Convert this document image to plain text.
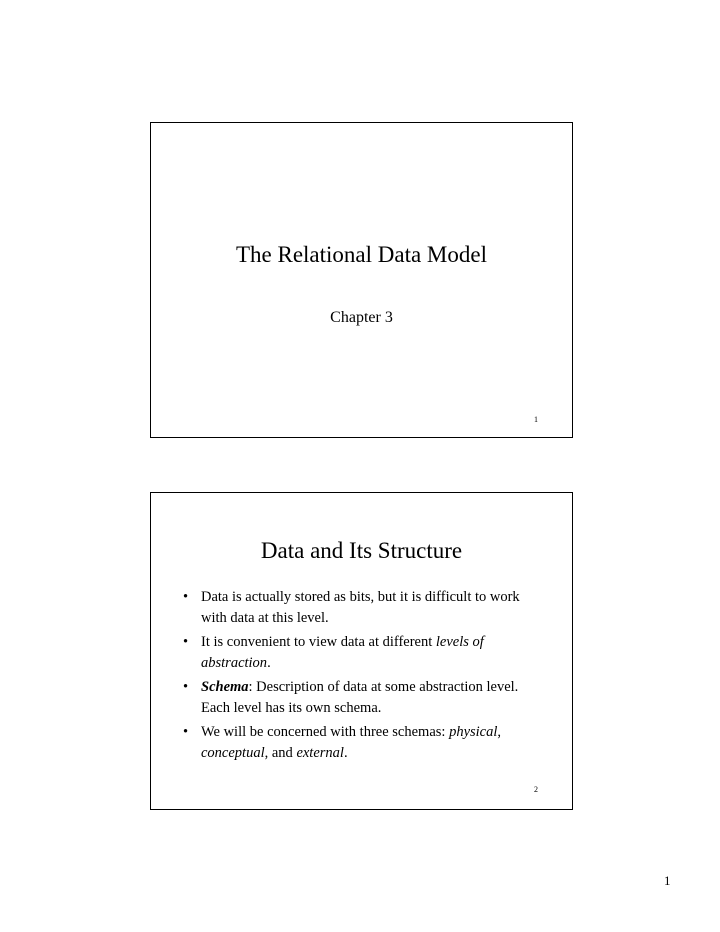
The Relational Data Model
Chapter 3
1
Data and Its Structure
• Data is actually stored as bits, but it is difficult to work with data at this level.
• It is convenient to view data at different levels of abstraction.
• Schema: Description of data at some abstraction level. Each level has its own schema.
• We will be concerned with three schemas: physical, conceptual, and external.
2
1
